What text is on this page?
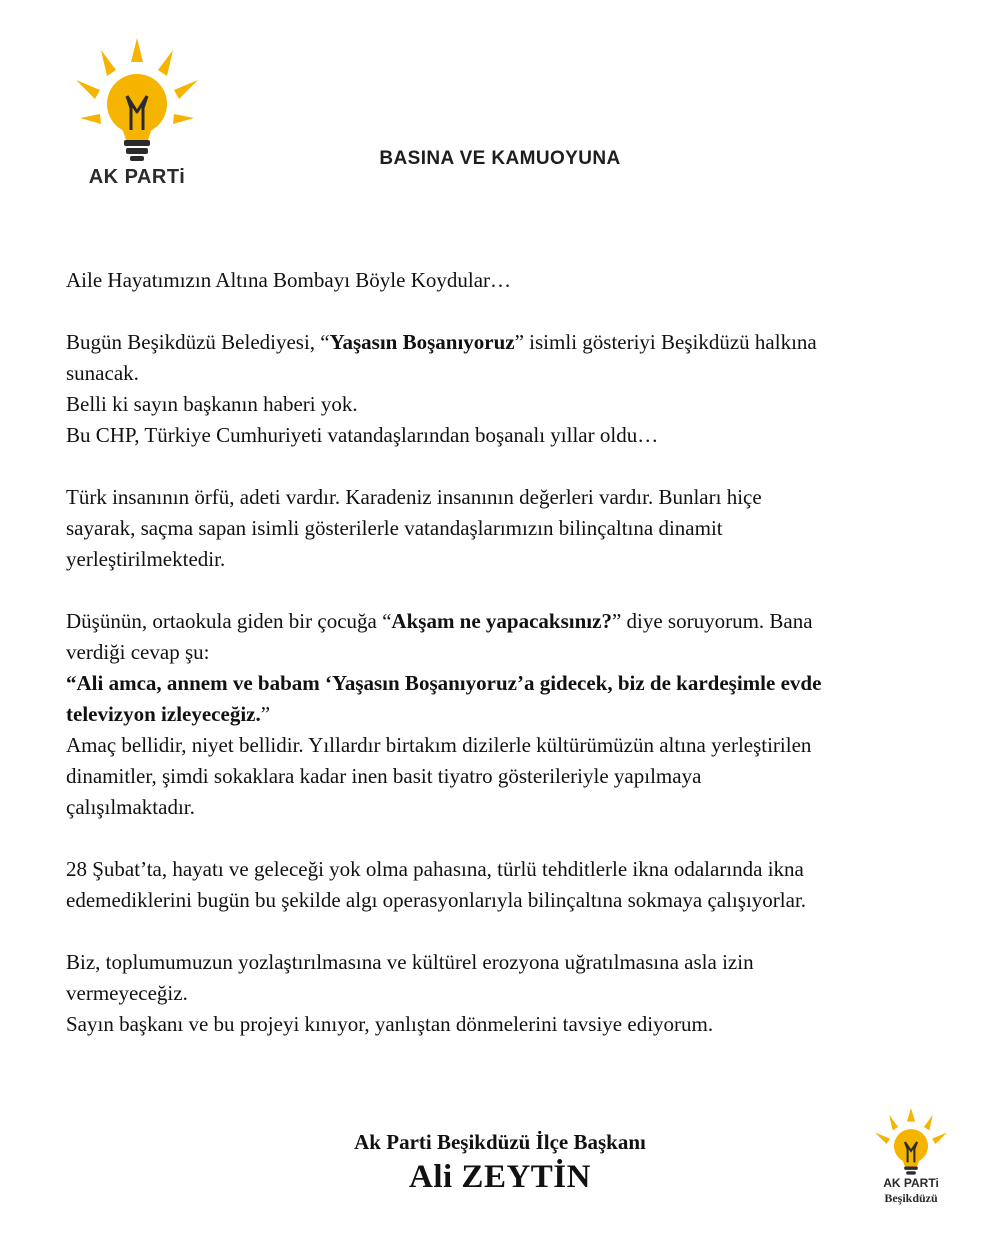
AK PARTi
BASINA VE KAMUOYUNA

Aile Hayatımızın Altına Bombayı Böyle Koydular…

Bugün Beşikdüzü Belediyesi, “Yaşasın Boşanıyoruz” isimli gösteriyi Beşikdüzü halkına
sunacak.
Belli ki sayın başkanın haberi yok.
Bu CHP, Türkiye Cumhuriyeti vatandaşlarından boşanalı yıllar oldu…

Türk insanının örfü, adeti vardır. Karadeniz insanının değerleri vardır. Bunları hiçe
sayarak, saçma sapan isimli gösterilerle vatandaşlarımızın bilinçaltına dinamit
yerleştirilmektedir.

Düşünün, ortaokula giden bir çocuğa “Akşam ne yapacaksınız?” diye soruyorum. Bana
verdiği cevap şu:
“Ali amca, annem ve babam ‘Yaşasın Boşanıyoruz’a gidecek, biz de kardeşimle evde
televizyon izleyeceğiz.”
Amaç bellidir, niyet bellidir. Yıllardır birtakım dizilerle kültürümüzün altına yerleştirilen
dinamitler, şimdi sokaklara kadar inen basit tiyatro gösterileriyle yapılmaya
çalışılmaktadır.

28 Şubat’ta, hayatı ve geleceği yok olma pahasına, türlü tehditlerle ikna odalarında ikna
edemediklerini bugün bu şekilde algı operasyonlarıyla bilinçaltına sokmaya çalışıyorlar.

Biz, toplumumuzun yozlaştırılmasına ve kültürel erozyona uğratılmasına asla izin
vermeyeceğiz.
Sayın başkanı ve bu projeyi kınıyor, yanlıştan dönmelerini tavsiye ediyorum.

Ak Parti Beşikdüzü İlçe Başkanı
Ali ZEYTİN	AK PARTi
Beşikdüzü
